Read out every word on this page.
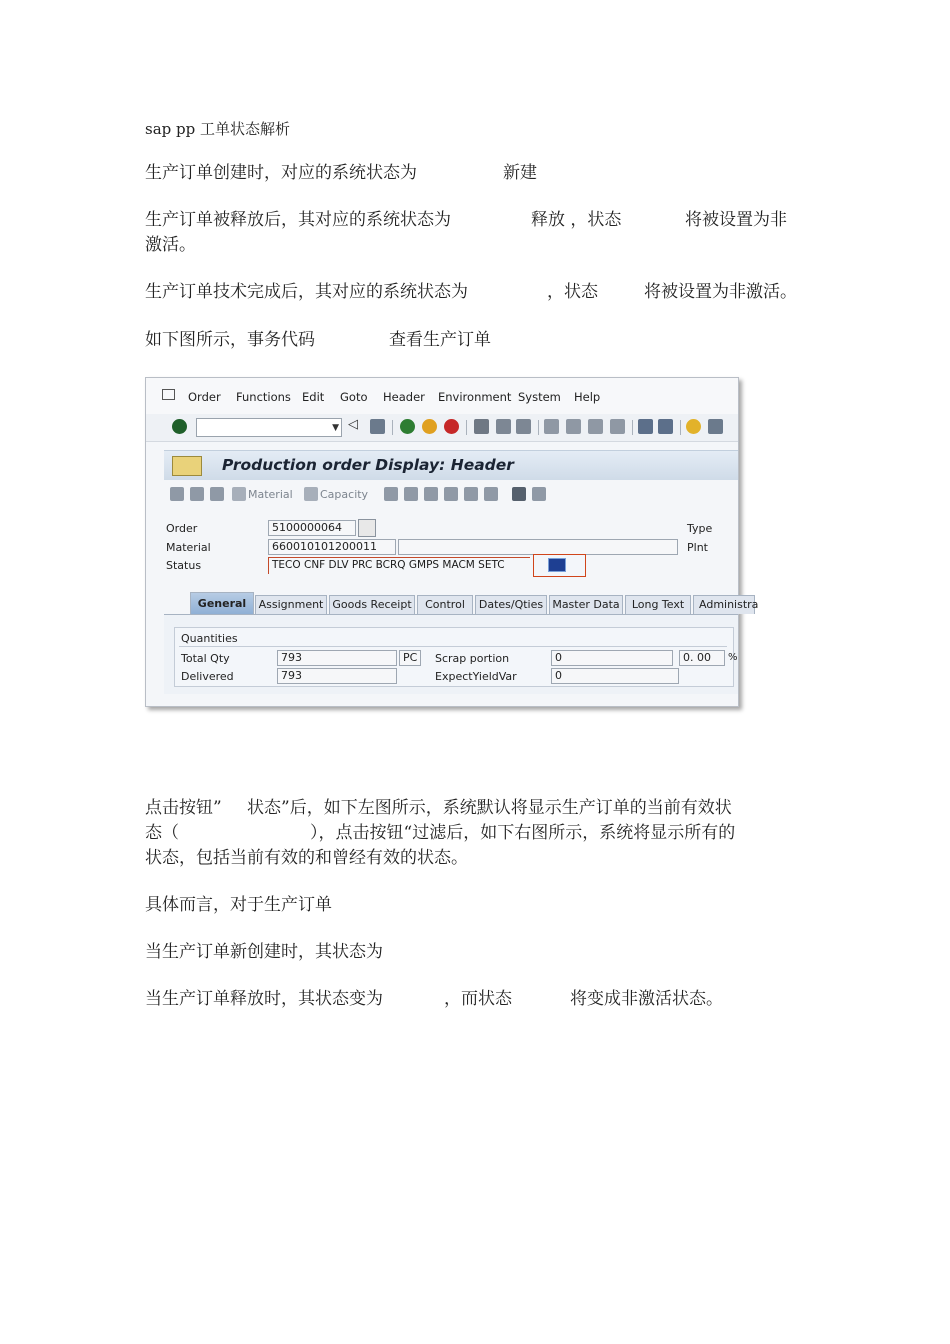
sap pp 工单状态解析
生产订单创建时，对应的系统状态为	新建
生产订单被释放后，其对应的系统状态为	释放 ，状态	将被设置为非
激活。
生产订单技术完成后，其对应的系统状态为	，状态	将被设置为非激活。
如下图所示，事务代码	查看生产订单
Order Functions Edit Goto Header Environment System Help
▼ ◁
Production order Display: Header
Material Capacity
Order	5100000064
Material	660010101200011
Status	TECO CNF DLV PRC BCRQ GMPS MACM SETC
Type
Plnt
General	Assignment Goods Receipt	Control	Dates/Qties Master Data	Long Text	Administra
Quantities
Total Qty	793	PC	Scrap portion	0	0. 00	%
Delivered	793	ExpectYieldVar	0
点击按钮” 状态”后，如下左图所示，系统默认将显示生产订单的当前有效状
态（	），点击按钮“过滤后，如下右图所示，系统将显示所有的
状态，包括当前有效的和曾经有效的状态。
具体而言，对于生产订单
当生产订单新创建时，其状态为
当生产订单释放时，其状态变为	，而状态	将变成非激活状态。
